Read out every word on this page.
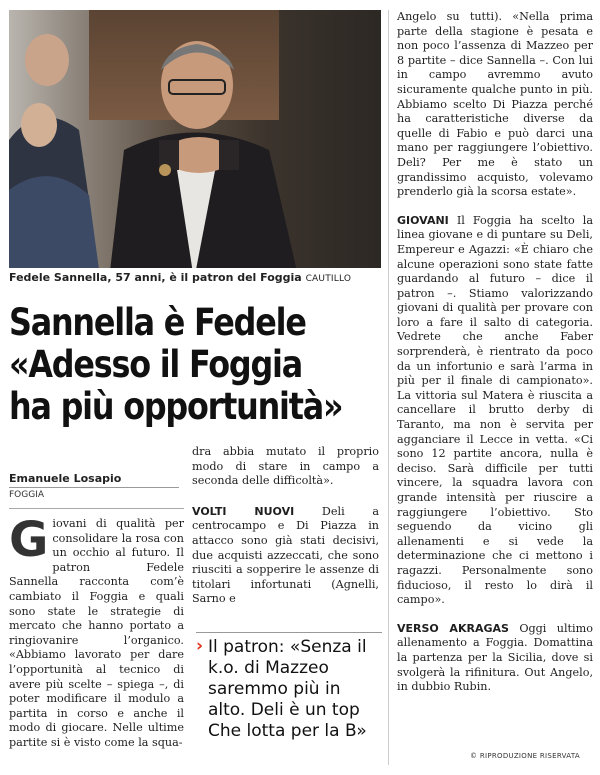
Fedele Sannella, 57 anni, è il patron del Foggia CAUTILLO
Sannella è Fedele
«Adesso il Foggia
ha più opportunità»
Emanuele Losapio
FOGGIA
G iovani di qualità per consolidare la rosa con un occhio al futuro. Il patron Fedele Sannella racconta com’è cambiato il Foggia e quali sono state le strategie di mercato che hanno portato a ringiovanire l’organico. «Abbiamo lavorato per dare l’opportunità al tecnico di avere più scelte – spiega –, di poter modificare il modulo a partita in corso e anche il modo di giocare. Nelle ultime partite si è visto come la squa-

dra abbia mutato il proprio modo di stare in campo a seconda delle difficoltà».

VOLTI NUOVI Deli a centrocampo e Di Piazza in attacco sono già stati decisivi, due acquisti azzeccati, che sono riusciti a sopperire le assenze di titolari infortunati (Agnelli, Sarno e

› Il patron: «Senza il k.o. di Mazzeo saremmo più in alto. Deli è un top Che lotta per la B»

Angelo su tutti). «Nella prima parte della stagione è pesata e non poco l’assenza di Mazzeo per 8 partite – dice Sannella –. Con lui in campo avremmo avuto sicuramente qualche punto in più. Abbiamo scelto Di Piazza perché ha caratteristiche diverse da quelle di Fabio e può darci una mano per raggiungere l’obiettivo. Deli? Per me è stato un grandissimo acquisto, volevamo prenderlo già la scorsa estate».

GIOVANI Il Foggia ha scelto la linea giovane e di puntare su Deli, Empereur e Agazzi: «È chiaro che alcune operazioni sono state fatte guardando al futuro – dice il patron –. Stiamo valorizzando giovani di qualità per provare con loro a fare il salto di categoria. Vedrete che anche Faber sorprenderà, è rientrato da poco da un infortunio e sarà l’arma in più per il finale di campionato». La vittoria sul Matera è riuscita a cancellare il brutto derby di Taranto, ma non è servita per agganciare il Lecce in vetta. «Ci sono 12 partite ancora, nulla è deciso. Sarà difficile per tutti vincere, la squadra lavora con grande intensità per riuscire a raggiungere l’obiettivo. Sto seguendo da vicino gli allenamenti e si vede la determinazione che ci mettono i ragazzi. Personalmente sono fiducioso, il resto lo dirà il campo».

VERSO AKRAGAS Oggi ultimo allenamento a Foggia. Domattina la partenza per la Sicilia, dove si svolgerà la rifinitura. Out Angelo, in dubbio Rubin.

© RIPRODUZIONE RISERVATA
